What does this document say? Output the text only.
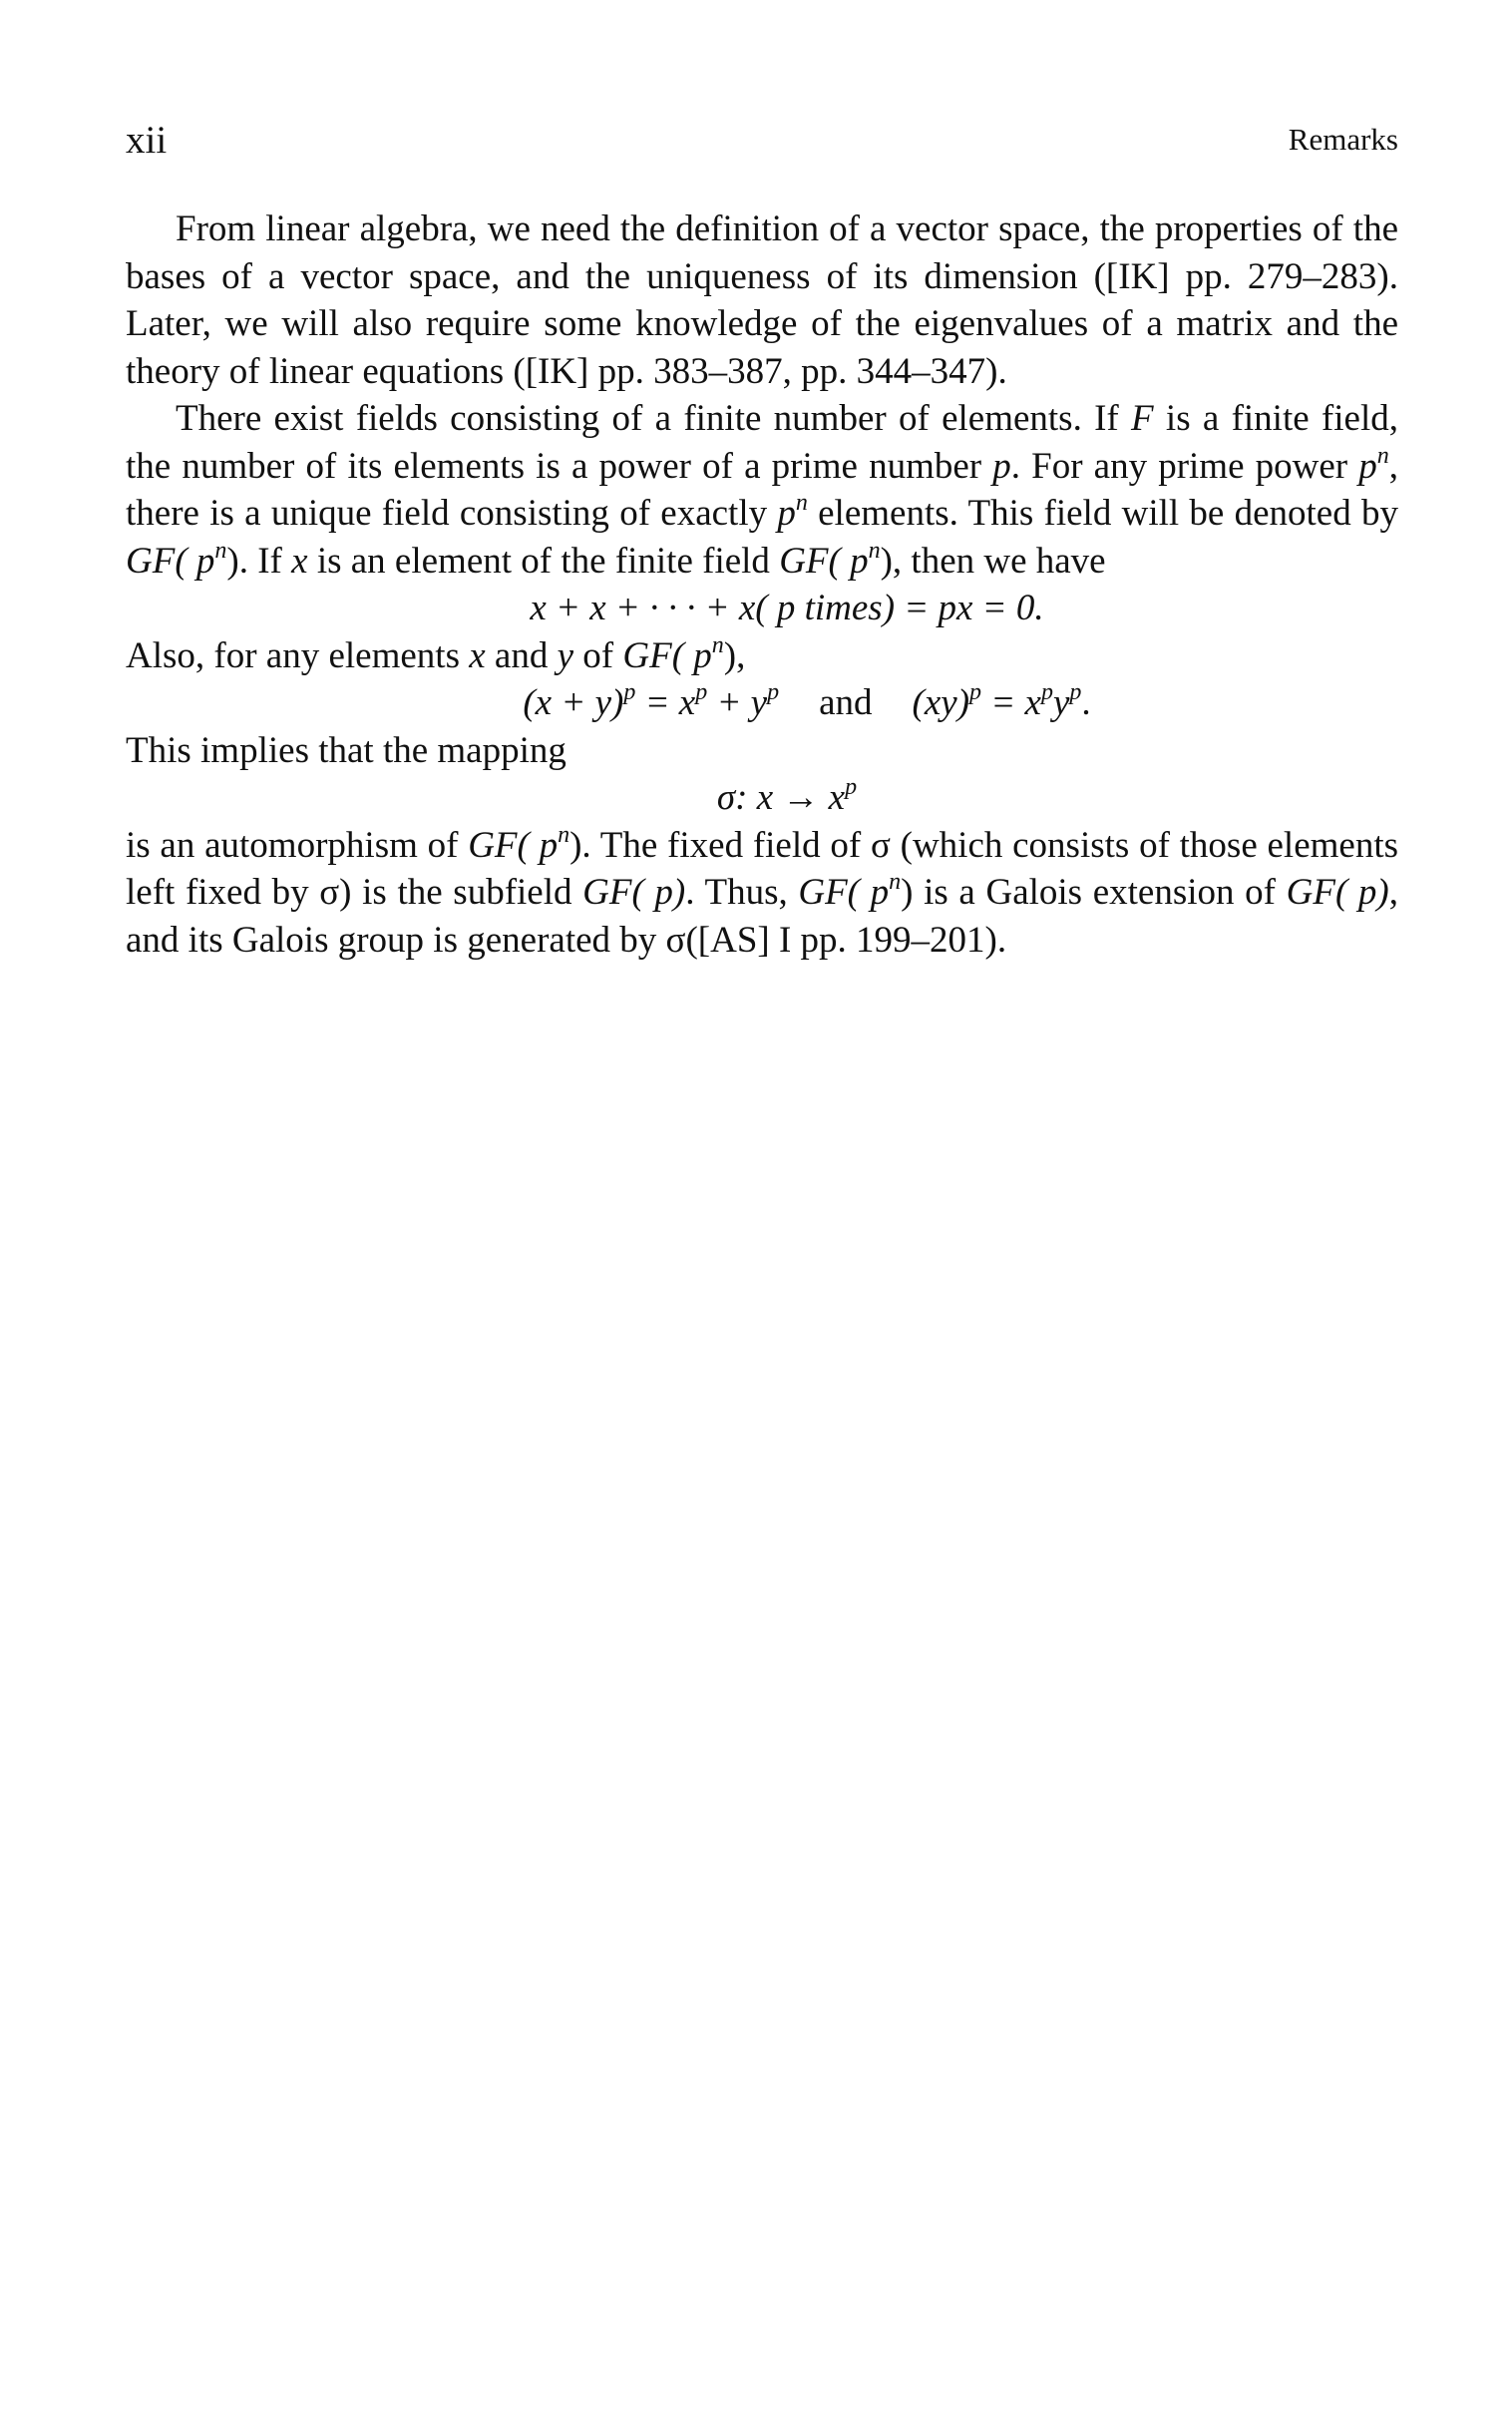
xii	Remarks

From linear algebra, we need the definition of a vector space, the properties of the bases of a vector space, and the uniqueness of its dimension ([IK] pp. 279–283). Later, we will also require some knowledge of the eigenvalues of a matrix and the theory of linear equations ([IK] pp. 383–387, pp. 344–347).

There exist fields consisting of a finite number of elements. If F is a finite field, the number of its elements is a power of a prime number p. For any prime power $p^n$, there is a unique field consisting of exactly $p^n$ elements. This field will be denoted by GF( $p^n$). If x is an element of the finite field GF( $p^n$), then we have

x + x + · · · + x( p times) = px = 0.

Also, for any elements x and y of GF( $p^n$),

$(x + y)^p = x^p + y^p$ and $(xy)^p = x^py^p$.

This implies that the mapping

σ: $x \to x^p$

is an automorphism of GF( $p^n$). The fixed field of σ (which consists of those elements left fixed by σ) is the subfield GF( p). Thus, GF( $p^n$) is a Galois extension of GF( p), and its Galois group is generated by σ([AS] I pp. 199–201).
